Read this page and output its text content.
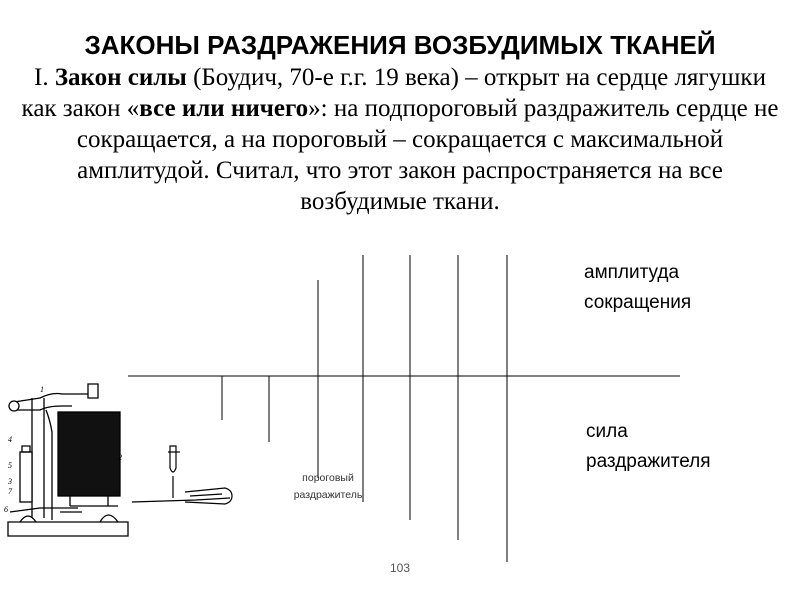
ЗАКОНЫ РАЗДРАЖЕНИЯ ВОЗБУДИМЫХ ТКАНЕЙ
I. Закон силы (Боудич, 70-е г.г. 19 века) – открыт на сердце лягушки как закон «все или ничего»: на подпороговый раздражитель сердце не сокращается, а на пороговый – сокращается с максимальной амплитудой. Считал, что этот закон распространяется на все возбудимые ткани.
1
2
3
4
5
6
7
амплитуда
сокращения
сила
раздражителя
пороговый
раздражитель
103
